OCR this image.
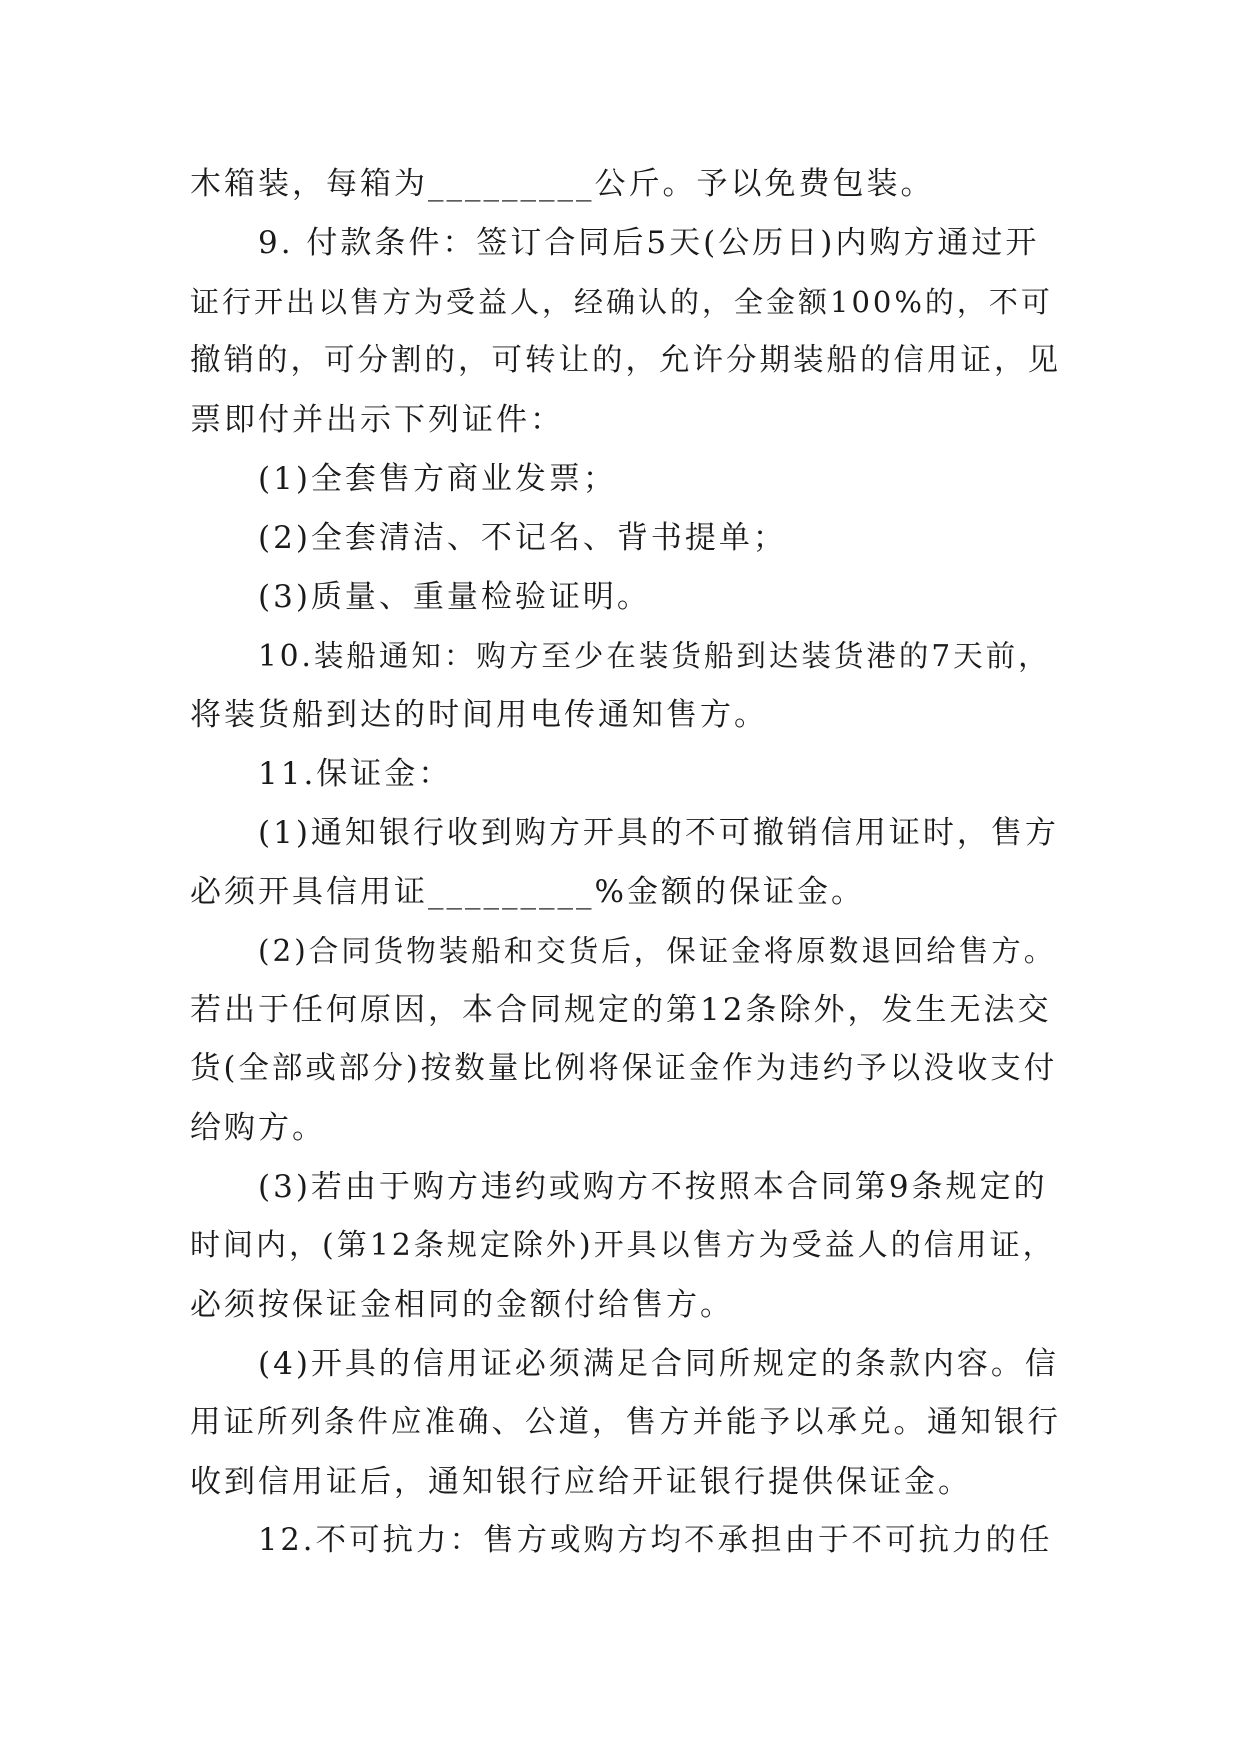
木箱装，每箱为_________公斤。予以免费包装。
9. 付款条件：签订合同后5天(公历日)内购方通过开
证行开出以售方为受益人，经确认的，全金额100%的，不可
撤销的，可分割的，可转让的，允许分期装船的信用证，见
票即付并出示下列证件：
(1)全套售方商业发票；
(2)全套清洁、不记名、背书提单；
(3)质量、重量检验证明。
10.装船通知：购方至少在装货船到达装货港的7天前，
将装货船到达的时间用电传通知售方。
11.保证金：
(1)通知银行收到购方开具的不可撤销信用证时，售方
必须开具信用证_________%金额的保证金。
(2)合同货物装船和交货后，保证金将原数退回给售方。
若出于任何原因，本合同规定的第12条除外，发生无法交
货(全部或部分)按数量比例将保证金作为违约予以没收支付
给购方。
(3)若由于购方违约或购方不按照本合同第9条规定的
时间内，(第12条规定除外)开具以售方为受益人的信用证，
必须按保证金相同的金额付给售方。
(4)开具的信用证必须满足合同所规定的条款内容。信
用证所列条件应准确、公道，售方并能予以承兑。通知银行
收到信用证后，通知银行应给开证银行提供保证金。
12.不可抗力：售方或购方均不承担由于不可抗力的任
